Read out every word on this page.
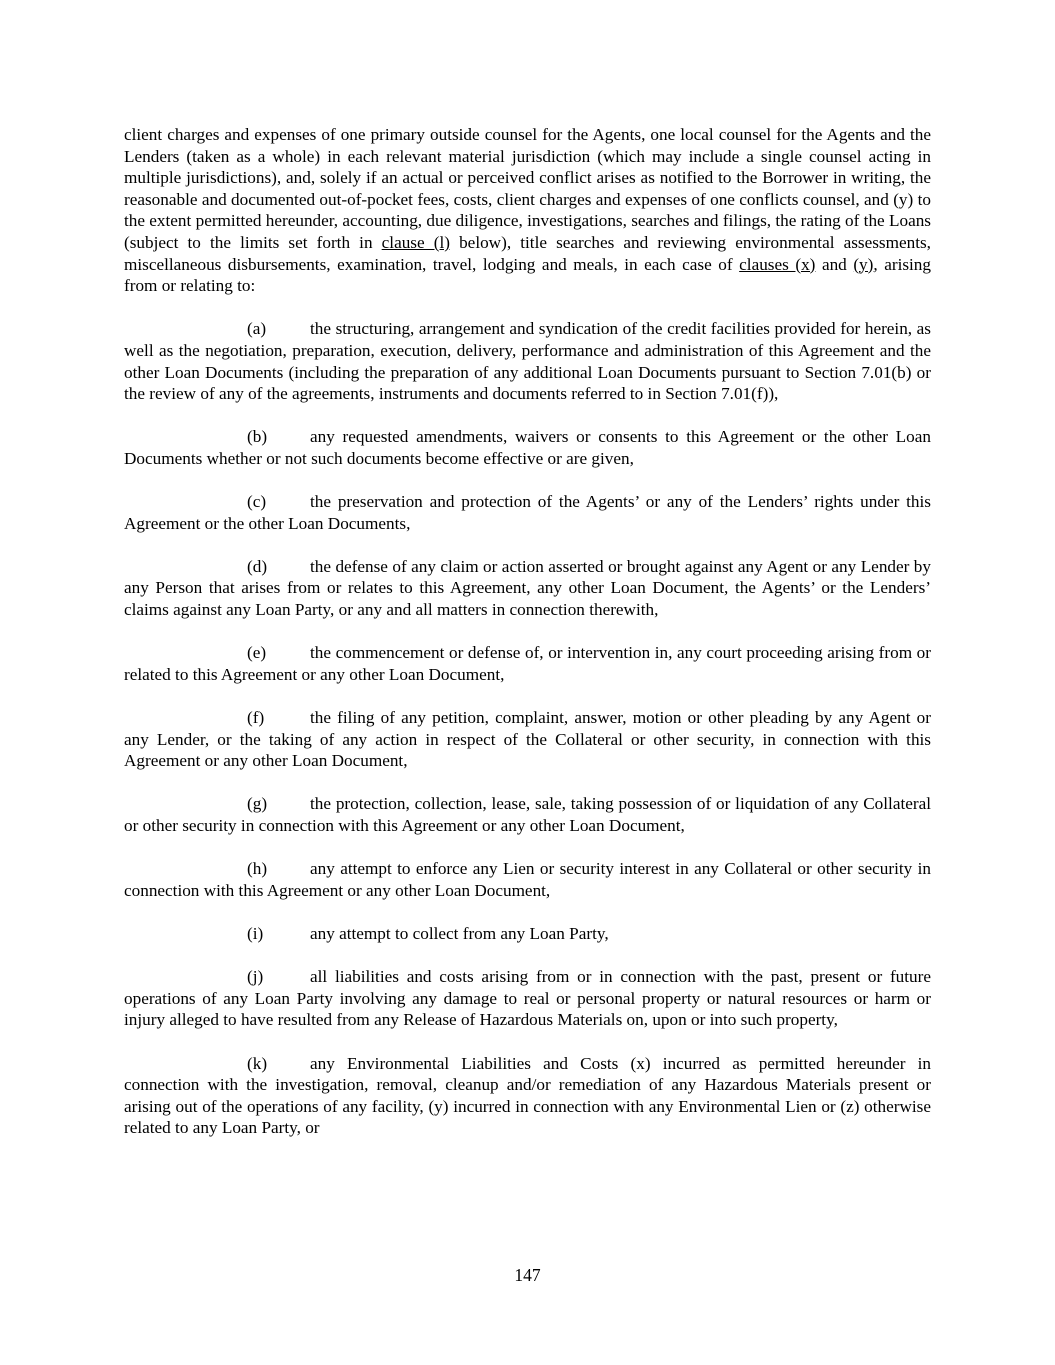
client charges and expenses of one primary outside counsel for the Agents, one local counsel for the Agents and the Lenders (taken as a whole) in each relevant material jurisdiction (which may include a single counsel acting in multiple jurisdictions), and, solely if an actual or perceived conflict arises as notified to the Borrower in writing, the reasonable and documented out-of-pocket fees, costs, client charges and expenses of one conflicts counsel, and (y) to the extent permitted hereunder, accounting, due diligence, investigations, searches and filings, the rating of the Loans (subject to the limits set forth in clause (l) below), title searches and reviewing environmental assessments, miscellaneous disbursements, examination, travel, lodging and meals, in each case of clauses (x) and (y), arising from or relating to:

(a)	the structuring, arrangement and syndication of the credit facilities provided for herein, as well as the negotiation, preparation, execution, delivery, performance and administration of this Agreement and the other Loan Documents (including the preparation of any additional Loan Documents pursuant to Section 7.01(b) or the review of any of the agreements, instruments and documents referred to in Section 7.01(f)),

(b) any requested amendments, waivers or consents to this Agreement or the other Loan Documents whether or not such documents become effective or are given,

(c)	the preservation and protection of the Agents’ or any of the Lenders’ rights under this Agreement or the other Loan Documents,

(d) the defense of any claim or action asserted or brought against any Agent or any Lender by any Person that arises from or relates to this Agreement, any other Loan Document, the Agents’ or the Lenders’ claims against any Loan Party, or any and all matters in connection therewith,

(e)	the commencement or defense of, or intervention in, any court proceeding arising from or related to this Agreement or any other Loan Document,

(f)	the filing of any petition, complaint, answer, motion or other pleading by any Agent or any Lender, or the taking of any action in respect of the Collateral or other security, in connection with this Agreement or any other Loan Document,

(g) the protection, collection, lease, sale, taking possession of or liquidation of any Collateral or other security in connection with this Agreement or any other Loan Document,

(h) any attempt to enforce any Lien or security interest in any Collateral or other security in connection with this Agreement or any other Loan Document,

(i)	any attempt to collect from any Loan Party,

(j)	all liabilities and costs arising from or in connection with the past, present or future operations of any Loan Party involving any damage to real or personal property or natural resources or harm or injury alleged to have resulted from any Release of Hazardous Materials on, upon or into such property,

(k) any Environmental Liabilities and Costs (x) incurred as permitted hereunder in connection with the investigation, removal, cleanup and/or remediation of any Hazardous Materials present or arising out of the operations of any facility, (y) incurred in connection with any Environmental Lien or (z) otherwise related to any Loan Party, or

147
